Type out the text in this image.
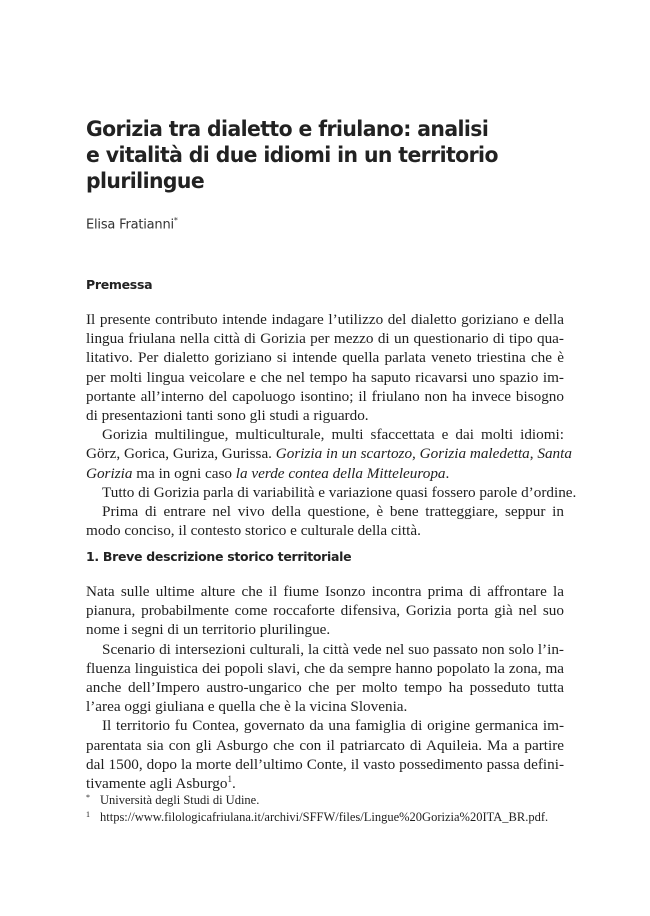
Gorizia tra dialetto e friulano: analisi
e vitalità di due idiomi in un territorio
plurilingue

Elisa Fratianni*

Premessa

Il presente contributo intende indagare l’utilizzo del dialetto goriziano e della
lingua friulana nella città di Gorizia per mezzo di un questionario di tipo qua-
litativo. Per dialetto goriziano si intende quella parlata veneto triestina che è
per molti lingua veicolare e che nel tempo ha saputo ricavarsi uno spazio im-
portante all’interno del capoluogo isontino; il friulano non ha invece bisogno
di presentazioni tanti sono gli studi a riguardo.

Gorizia multilingue, multiculturale, multi sfaccettata e dai molti idiomi:
Görz, Gorica, Guriza, Gurissa. Gorizia in un scartozo, Gorizia maledetta, Santa
Gorizia ma in ogni caso la verde contea della Mitteleuropa.

Tutto di Gorizia parla di variabilità e variazione quasi fossero parole d’ordine.

Prima di entrare nel vivo della questione, è bene tratteggiare, seppur in
modo conciso, il contesto storico e culturale della città.

1. Breve descrizione storico territoriale

Nata sulle ultime alture che il fiume Isonzo incontra prima di affrontare la
pianura, probabilmente come roccaforte difensiva, Gorizia porta già nel suo
nome i segni di un territorio plurilingue.

Scenario di intersezioni culturali, la città vede nel suo passato non solo l’in-
fluenza linguistica dei popoli slavi, che da sempre hanno popolato la zona, ma
anche dell’Impero austro-ungarico che per molto tempo ha posseduto tutta
l’area oggi giuliana e quella che è la vicina Slovenia.

Il territorio fu Contea, governato da una famiglia di origine germanica im-
parentata sia con gli Asburgo che con il patriarcato di Aquileia. Ma a partire
dal 1500, dopo la morte dell’ultimo Conte, il vasto possedimento passa defini-
tivamente agli Asburgo$^1$.

* Università degli Studi di Udine.
1 https://www.filologicafriulana.it/archivi/SFFW/files/Lingue%20Gorizia%20ITA_BR.pdf.
